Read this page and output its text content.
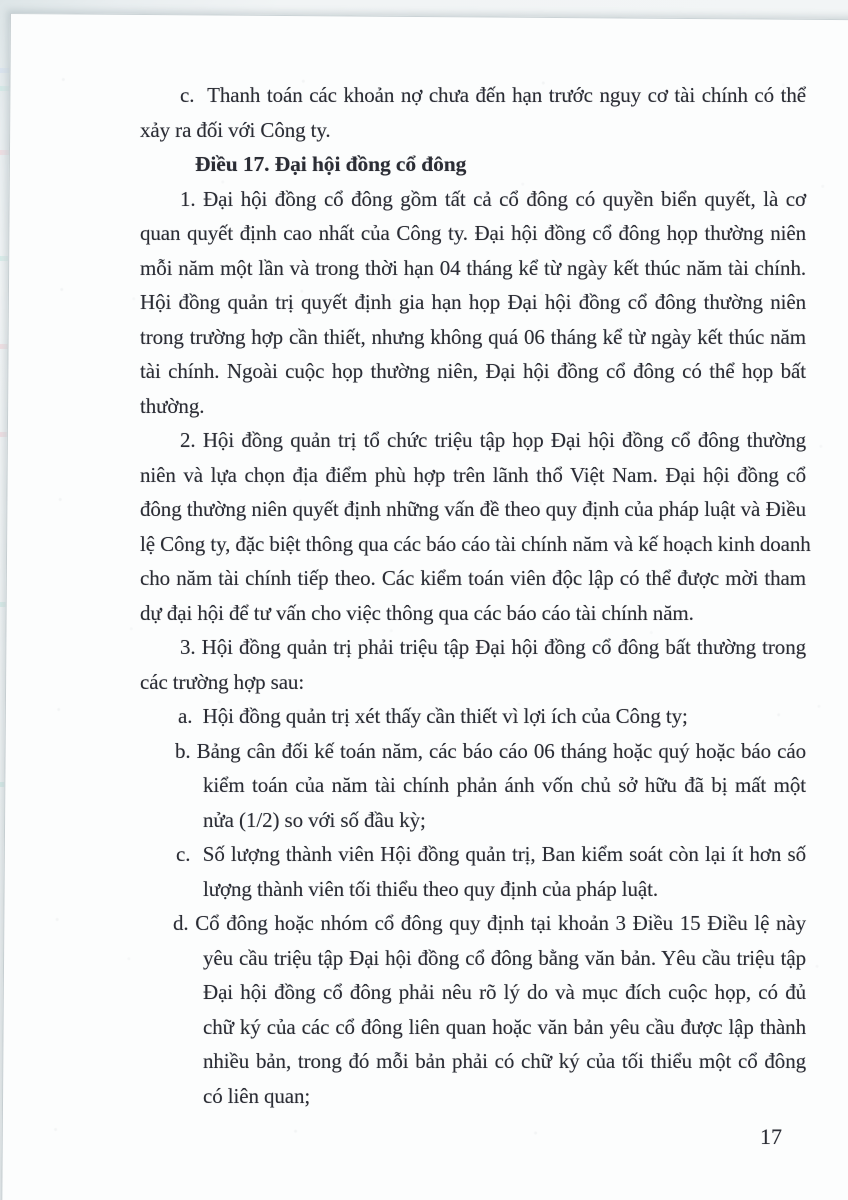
c.  Thanh toán các khoản nợ chưa đến hạn trước nguy cơ tài chính có thể
xảy ra đối với Công ty.
Điều 17. Đại hội đồng cổ đông
1. Đại hội đồng cổ đông gồm tất cả cổ đông có quyền biển quyết, là cơ
quan quyết định cao nhất của Công ty. Đại hội đồng cổ đông họp thường niên
mỗi năm một lần và trong thời hạn 04 tháng kể từ ngày kết thúc năm tài chính.
Hội đồng quản trị quyết định gia hạn họp Đại hội đồng cổ đông thường niên
trong trường hợp cần thiết, nhưng không quá 06 tháng kể từ ngày kết thúc năm
tài chính. Ngoài cuộc họp thường niên, Đại hội đồng cổ đông có thể họp bất
thường.
2. Hội đồng quản trị tổ chức triệu tập họp Đại hội đồng cổ đông thường
niên và lựa chọn địa điểm phù hợp trên lãnh thổ Việt Nam. Đại hội đồng cổ
đông thường niên quyết định những vấn đề theo quy định của pháp luật và Điều
lệ Công ty, đặc biệt thông qua các báo cáo tài chính năm và kế hoạch kinh doanh
cho năm tài chính tiếp theo. Các kiểm toán viên độc lập có thể được mời tham
dự đại hội để tư vấn cho việc thông qua các báo cáo tài chính năm.
3. Hội đồng quản trị phải triệu tập Đại hội đồng cổ đông bất thường trong
các trường hợp sau:
a.  Hội đồng quản trị xét thấy cần thiết vì lợi ích của Công ty;
b. Bảng cân đối kế toán năm, các báo cáo 06 tháng hoặc quý hoặc báo cáo
kiểm toán của năm tài chính phản ánh vốn chủ sở hữu đã bị mất một
nửa (1/2) so với số đầu kỳ;
c.  Số lượng thành viên Hội đồng quản trị, Ban kiểm soát còn lại ít hơn số
lượng thành viên tối thiểu theo quy định của pháp luật.
d. Cổ đông hoặc nhóm cổ đông quy định tại khoản 3 Điều 15 Điều lệ này
yêu cầu triệu tập Đại hội đồng cổ đông bằng văn bản. Yêu cầu triệu tập
Đại hội đồng cổ đông phải nêu rõ lý do và mục đích cuộc họp, có đủ
chữ ký của các cổ đông liên quan hoặc văn bản yêu cầu được lập thành
nhiều bản, trong đó mỗi bản phải có chữ ký của tối thiểu một cổ đông
có liên quan;
17
